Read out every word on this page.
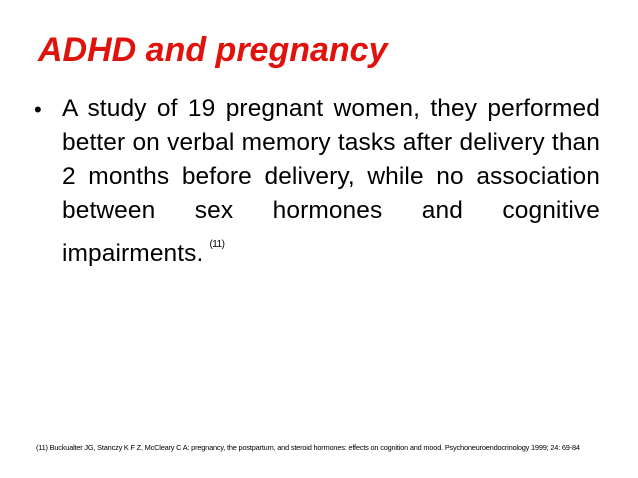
ADHD and pregnancy
• A study of 19 pregnant women, they performed better on verbal memory tasks after delivery than 2 months before delivery, while no association between sex hormones and cognitive impairments. $^{(11)}$
(11) Buckualter JG, Stanczy K F Z, McCleary C A: pregnancy, the postpartum, and steroid hormones: effects on cognition and mood. Psychoneuroendocrinology 1999; 24: 69-84
